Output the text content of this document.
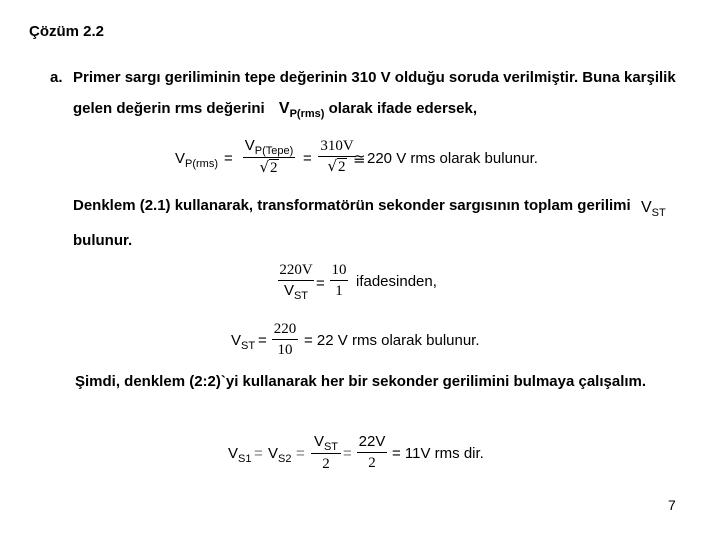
Çözüm 2.2
a. Primer sargı geriliminin tepe değerinin 310 V olduğu soruda verilmiştir. Buna karşilik
gelen değerin rms değerini $V_{P(rms)}$ olarak ifade edersek,
$V_{P(rms)}$ =
$V_{P(Tepe)}$
√ 2
=
310V
√ 2 ≅ 220 V rms olarak bulunur.
Denklem (2.1) kullanarak, transformatörün sekonder sargısının toplam gerilimi $V_{ST}$
bulunur.
220V
$V_{ST}$
=
10
1
ifadesinden,
$V_{ST}$ =
220
10
= 22 V rms olarak bulunur.
Şimdi, denklem (2:2)`yi kullanarak her bir sekonder gerilimini bulmaya çalışalım.
$V_{S1} = V_{S2}$ =
$V_{ST}$
2
=
22V
2
= 11V rms dir.
7
